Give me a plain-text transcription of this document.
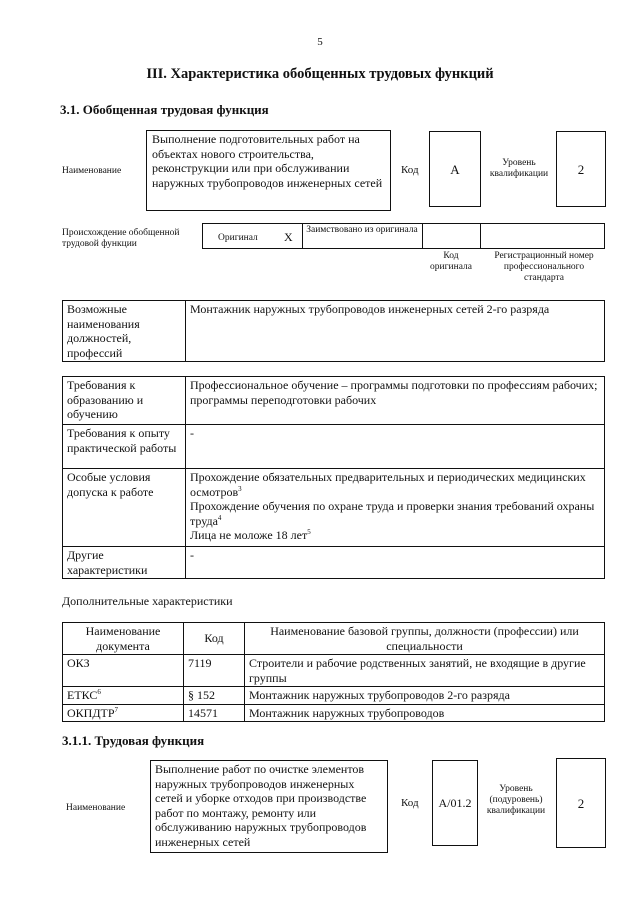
5
III. Характеристика обобщенных трудовых функций
3.1. Обобщенная трудовая функция
Наименование
Выполнение подготовительных работ на объектах нового строительства, реконструкции или при обслуживании наружных трубопроводов инженерных сетей
Код	А	Уровень квалификации	2
Происхождение обобщенной трудовой функции
Оригинал Х Заимствовано из оригинала
Код оригинала
Регистрационный номер профессионального стандарта
Возможные наименования должностей, профессий	Монтажник наружных трубопроводов инженерных сетей 2-го разряда
Требования к образованию и обучению	Профессиональное обучение – программы подготовки по профессиям рабочих; программы переподготовки рабочих
Требования к опыту практической работы	-
Особые условия допуска к работе	Прохождение обязательных предварительных и периодических медицинских осмотров$^3$
Прохождение обучения по охране труда и проверки знания требований охраны труда$^4$
Лица не моложе 18 лет$^5$

Другие характеристики	-
Дополнительные характеристики
Наименование документа	Код	Наименование базовой группы, должности (профессии) или специальности
ОКЗ	7119	Строители и рабочие родственных занятий, не входящие в другие группы
ЕТКС$^6$	§ 152	Монтажник наружных трубопроводов 2-го разряда
ОКПДТР$^7$	14571	Монтажник наружных трубопроводов
3.1.1. Трудовая функция
Наименование
Выполнение работ по очистке элементов наружных трубопроводов инженерных сетей и уборке отходов при производстве работ по монтажу, ремонту или обслуживанию наружных трубопроводов инженерных сетей
Код	А/01.2
Уровень (подуровень) квалификации
2
